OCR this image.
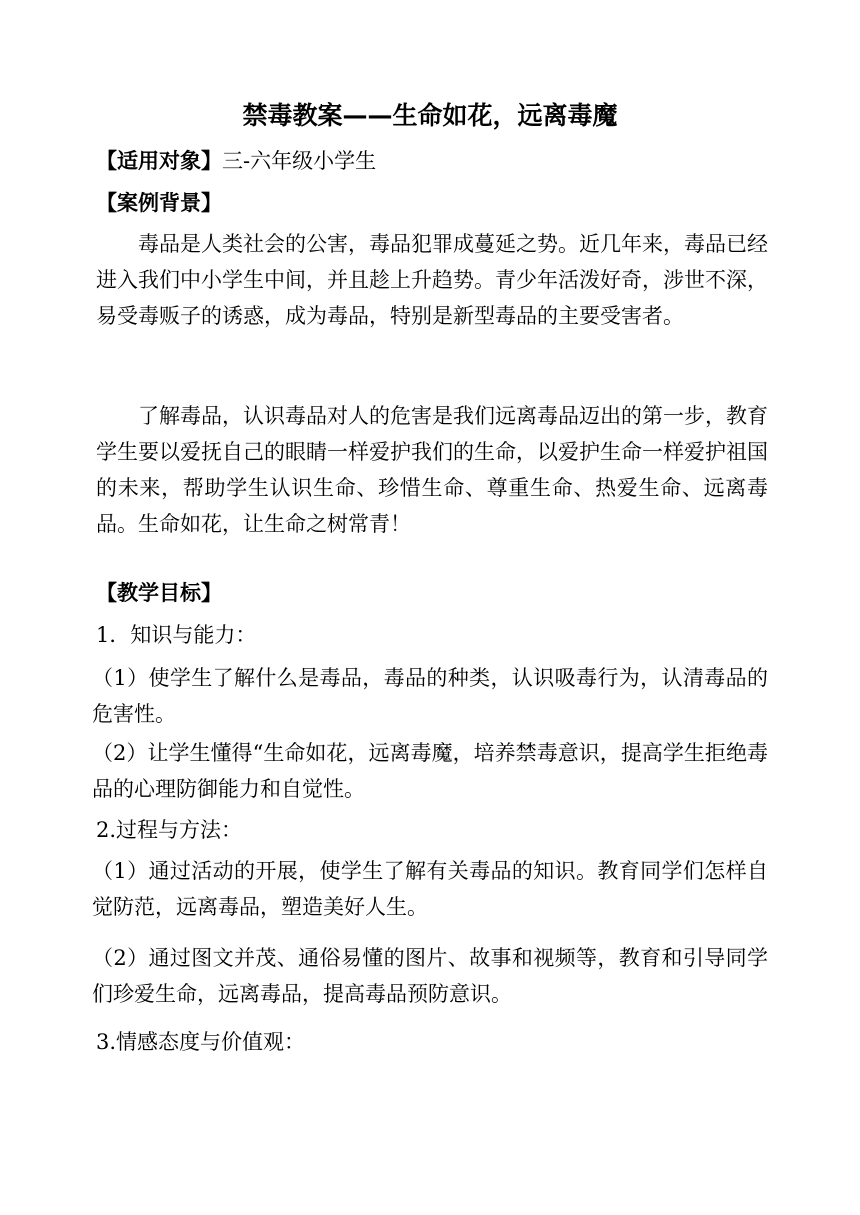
禁毒教案——生命如花，远离毒魔
【适用对象】三-六年级小学生
【案例背景】

毒品是人类社会的公害，毒品犯罪成蔓延之势。近几年来，毒品已经进入我们中小学生中间，并且趁上升趋势。青少年活泼好奇，涉世不深，易受毒贩子的诱惑，成为毒品，特别是新型毒品的主要受害者。

了解毒品，认识毒品对人的危害是我们远离毒品迈出的第一步，教育学生要以爱抚自己的眼睛一样爱护我们的生命，以爱护生命一样爱护祖国的未来，帮助学生认识生命、珍惜生命、尊重生命、热爱生命、远离毒品。生命如花，让生命之树常青！

【教学目标】
1．知识与能力：

（1）使学生了解什么是毒品，毒品的种类，认识吸毒行为，认清毒品的危害性。

（2）让学生懂得“生命如花，远离毒魔，培养禁毒意识，提高学生拒绝毒品的心理防御能力和自觉性。

2.过程与方法：

（1）通过活动的开展，使学生了解有关毒品的知识。教育同学们怎样自觉防范，远离毒品，塑造美好人生。

（2）通过图文并茂、通俗易懂的图片、故事和视频等，教育和引导同学们珍爱生命，远离毒品，提高毒品预防意识。

3.情感态度与价值观：
